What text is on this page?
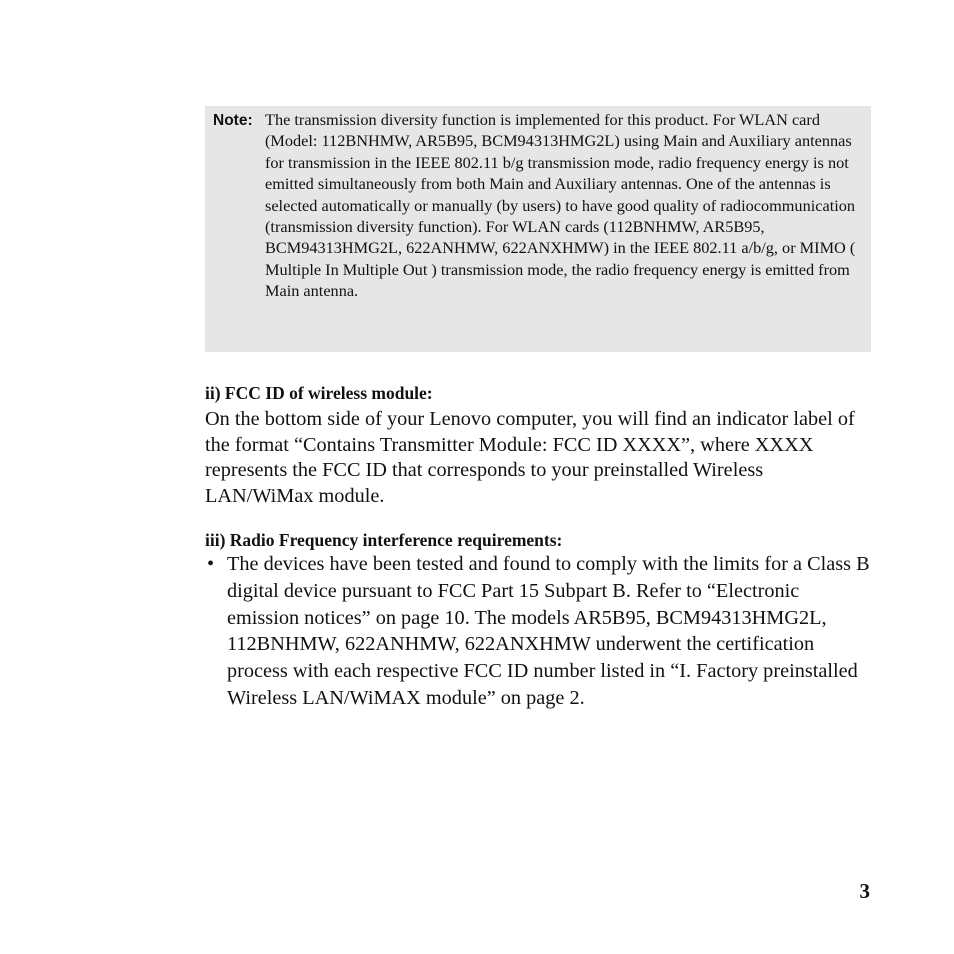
Note: The transmission diversity function is implemented for this product. For WLAN card (Model: 112BNHMW, AR5B95, BCM94313HMG2L) using Main and Auxiliary antennas for transmission in the IEEE 802.11 b/g transmission mode, radio frequency energy is not emitted simultaneously from both Main and Auxiliary antennas. One of the antennas is selected automatically or manually (by users) to have good quality of radiocommunication (transmission diversity function). For WLAN cards (112BNHMW, AR5B95, BCM94313HMG2L, 622ANHMW, 622ANXHMW) in the IEEE 802.11 a/b/g, or MIMO ( Multiple In Multiple Out ) transmission mode, the radio frequency energy is emitted from Main antenna.

ii) FCC ID of wireless module:

On the bottom side of your Lenovo computer, you will find an indicator label of the format “Contains Transmitter Module: FCC ID XXXX”, where XXXX represents the FCC ID that corresponds to your preinstalled Wireless LAN/WiMax module.

iii) Radio Frequency interference requirements:
• The devices have been tested and found to comply with the limits for a Class B digital device pursuant to FCC Part 15 Subpart B. Refer to “Electronic emission notices” on page 10. The models AR5B95, BCM94313HMG2L, 112BNHMW, 622ANHMW, 622ANXHMW underwent the certification process with each respective FCC ID number listed in “I. Factory preinstalled Wireless LAN/WiMAX module” on page 2.
3
